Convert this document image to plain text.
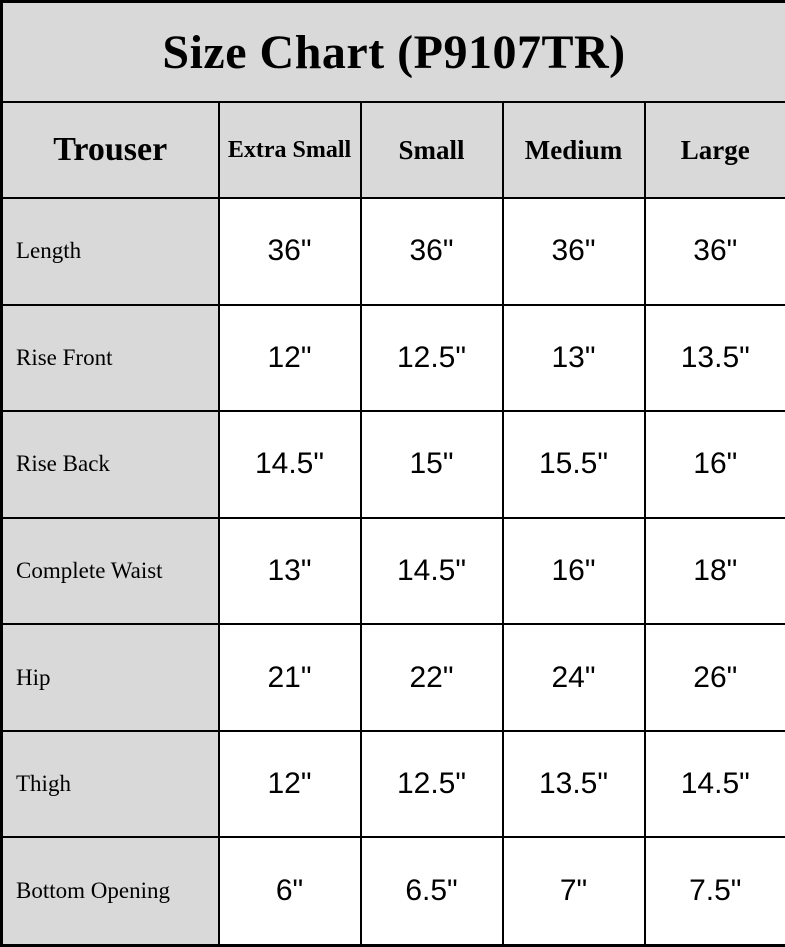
Size Chart (P9107TR)				
Trouser	Extra Small	Small	Medium	Large
Length	36"	36"	36"	36"
Rise Front	12"	12.5"	13"	13.5"
Rise Back	14.5"	15"	15.5"	16"
Complete Waist	13"	14.5"	16"	18"
Hip	21"	22"	24"	26"
Thigh	12"	12.5"	13.5"	14.5"
Bottom Opening	6"	6.5"	7"	7.5"
